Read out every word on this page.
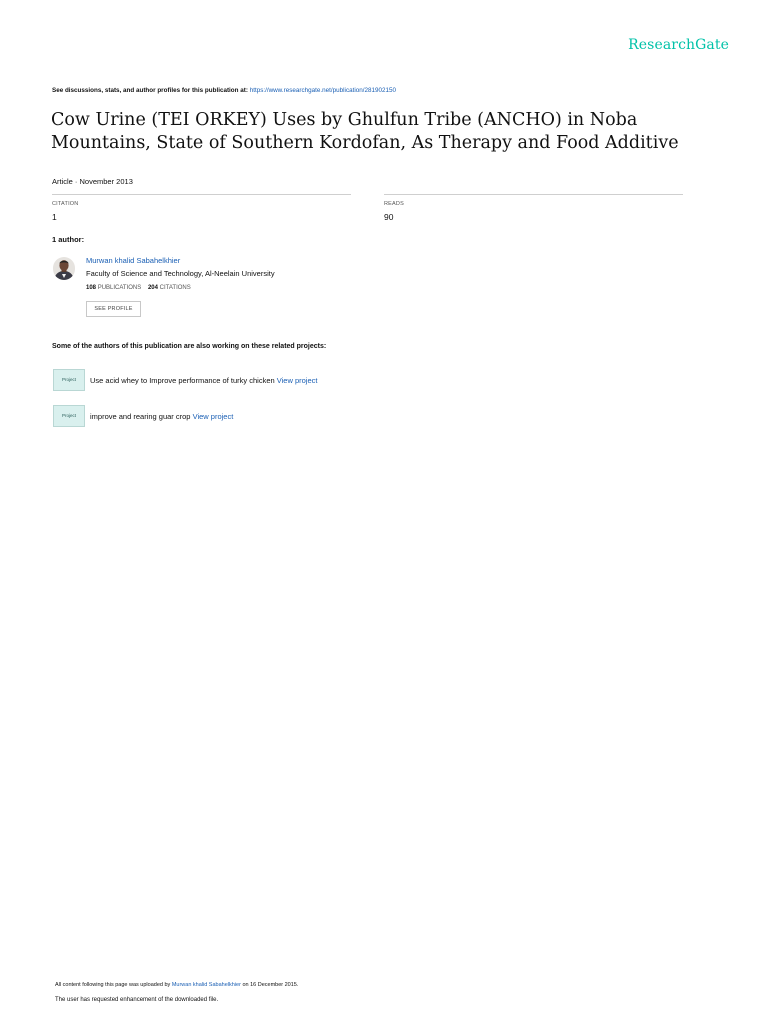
ResearchGate
See discussions, stats, and author profiles for this publication at: https://www.researchgate.net/publication/281902150
Cow Urine (TEI ORKEY) Uses by Ghulfun Tribe (ANCHO) in Noba Mountains, State of Southern Kordofan, As Therapy and Food Additive
Article · November 2013
CITATION
1
READS
90
1 author:
Murwan khalid Sabahelkhier
Faculty of Science and Technology, Al-Neelain University
108 PUBLICATIONS 204 CITATIONS
SEE PROFILE
Some of the authors of this publication are also working on these related projects:
Project	Use acid whey to Improve performance of turky chicken View project
Project	improve and rearing guar crop View project
All content following this page was uploaded by Murwan khalid Sabahelkhier on 16 December 2015.
The user has requested enhancement of the downloaded file.
